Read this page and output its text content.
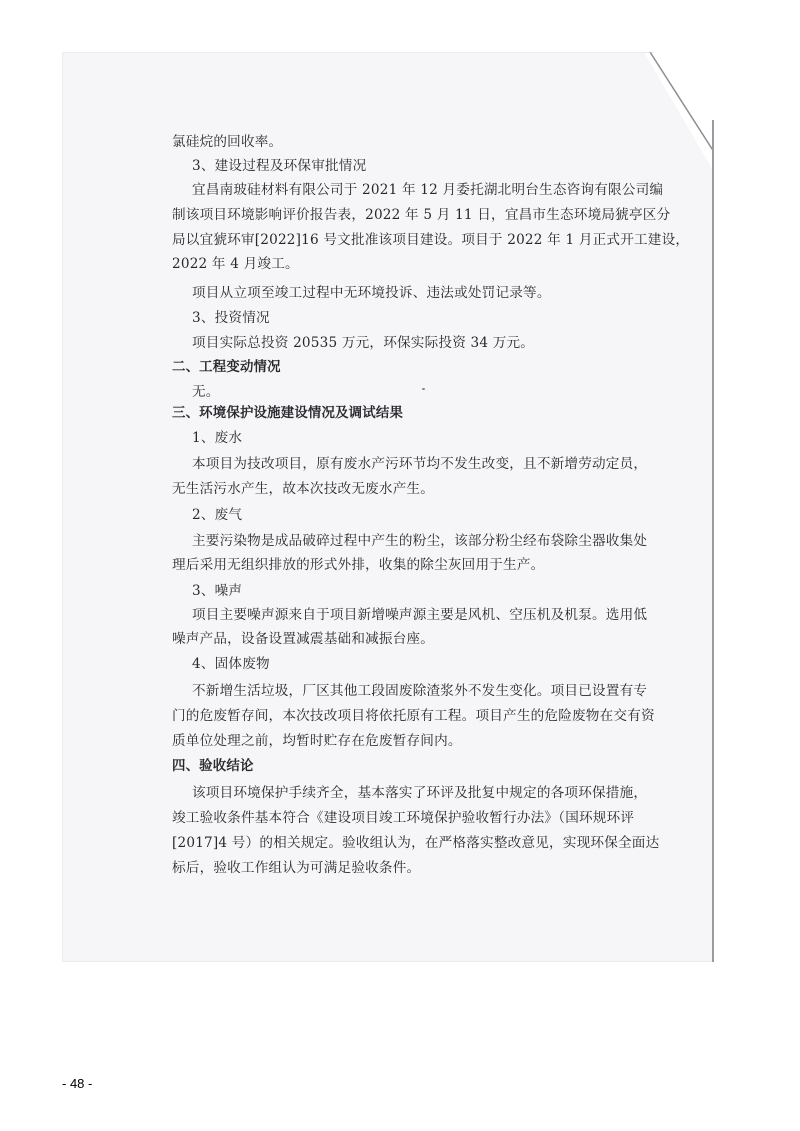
氯硅烷的回收率。
3、建设过程及环保审批情况
宜昌南玻硅材料有限公司于 2021 年 12 月委托湖北明台生态咨询有限公司编
制该项目环境影响评价报告表，2022 年 5 月 11 日，宜昌市生态环境局猇亭区分
局以宜猇环审[2022]16 号文批准该项目建设。项目于 2022 年 1 月正式开工建设，
2022 年 4 月竣工。
项目从立项至竣工过程中无环境投诉、违法或处罚记录等。
3、投资情况
项目实际总投资 20535 万元，环保实际投资 34 万元。
二、工程变动情况
无。
三、环境保护设施建设情况及调试结果
1、废水
本项目为技改项目，原有废水产污环节均不发生改变，且不新增劳动定员，
无生活污水产生，故本次技改无废水产生。
2、废气
主要污染物是成品破碎过程中产生的粉尘，该部分粉尘经布袋除尘器收集处
理后采用无组织排放的形式外排，收集的除尘灰回用于生产。
3、噪声
项目主要噪声源来自于项目新增噪声源主要是风机、空压机及机泵。选用低
噪声产品，设备设置减震基础和减振台座。
4、固体废物
不新增生活垃圾，厂区其他工段固废除渣浆外不发生变化。项目已设置有专
门的危废暂存间，本次技改项目将依托原有工程。项目产生的危险废物在交有资
质单位处理之前，均暂时贮存在危废暂存间内。
四、验收结论
该项目环境保护手续齐全，基本落实了环评及批复中规定的各项环保措施，
竣工验收条件基本符合《建设项目竣工环境保护验收暂行办法》（国环规环评
[2017]4 号）的相关规定。验收组认为，在严格落实整改意见，实现环保全面达
标后，验收工作组认为可满足验收条件。
- 48 -
